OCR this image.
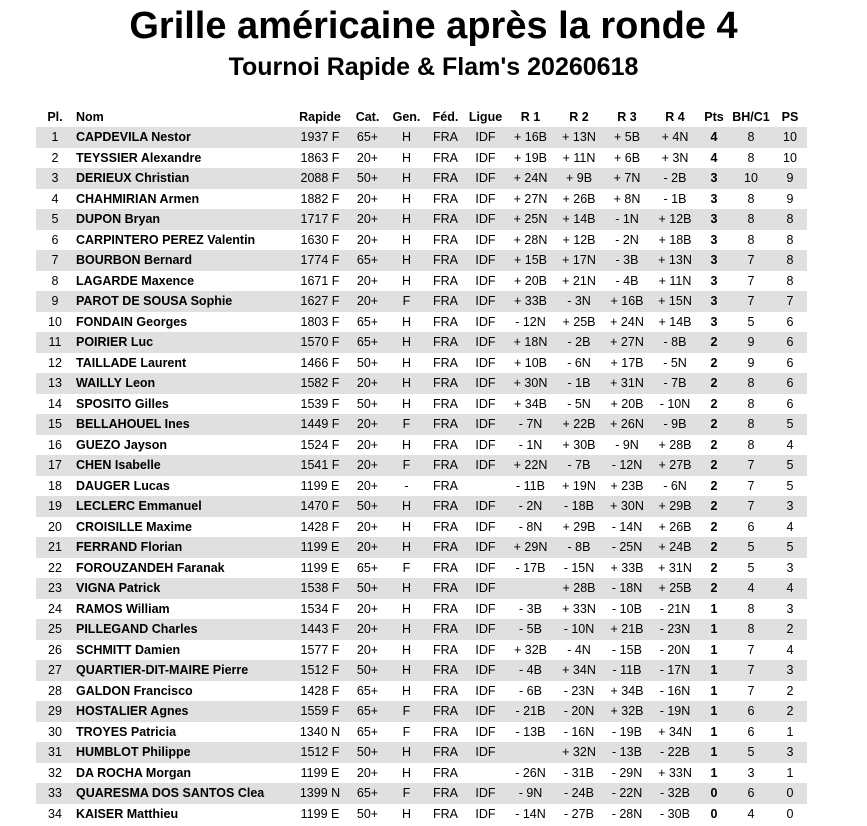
Grille américaine après la ronde 4
Tournoi Rapide & Flam's 20260618
Pl.	Nom	Rapide	Cat.	Gen.	Féd.	Ligue	R 1	R 2	R 3	R 4	Pts	BH/C1	PS
1	CAPDEVILA Nestor	1937 F	65+	H	FRA	IDF	+ 16B	+ 13N	+ 5B	+ 4N	4	8	10
2	TEYSSIER Alexandre	1863 F	20+	H	FRA	IDF	+ 19B	+ 11N	+ 6B	+ 3N	4	8	10
3	DERIEUX Christian	2088 F	50+	H	FRA	IDF	+ 24N	+ 9B	+ 7N	- 2B	3	10	9
4	CHAHMIRIAN Armen	1882 F	20+	H	FRA	IDF	+ 27N	+ 26B	+ 8N	- 1B	3	8	9
5	DUPON Bryan	1717 F	20+	H	FRA	IDF	+ 25N	+ 14B	- 1N	+ 12B	3	8	8
6	CARPINTERO PEREZ Valentin	1630 F	20+	H	FRA	IDF	+ 28N	+ 12B	- 2N	+ 18B	3	8	8
7	BOURBON Bernard	1774 F	65+	H	FRA	IDF	+ 15B	+ 17N	- 3B	+ 13N	3	7	8
8	LAGARDE Maxence	1671 F	20+	H	FRA	IDF	+ 20B	+ 21N	- 4B	+ 11N	3	7	8
9	PAROT DE SOUSA Sophie	1627 F	20+	F	FRA	IDF	+ 33B	- 3N	+ 16B	+ 15N	3	7	7
10	FONDAIN Georges	1803 F	65+	H	FRA	IDF	- 12N	+ 25B	+ 24N	+ 14B	3	5	6
11	POIRIER Luc	1570 F	65+	H	FRA	IDF	+ 18N	- 2B	+ 27N	- 8B	2	9	6
12	TAILLADE Laurent	1466 F	50+	H	FRA	IDF	+ 10B	- 6N	+ 17B	- 5N	2	9	6
13	WAILLY Leon	1582 F	20+	H	FRA	IDF	+ 30N	- 1B	+ 31N	- 7B	2	8	6
14	SPOSITO Gilles	1539 F	50+	H	FRA	IDF	+ 34B	- 5N	+ 20B	- 10N	2	8	6
15	BELLAHOUEL Ines	1449 F	20+	F	FRA	IDF	- 7N	+ 22B	+ 26N	- 9B	2	8	5
16	GUEZO Jayson	1524 F	20+	H	FRA	IDF	- 1N	+ 30B	- 9N	+ 28B	2	8	4
17	CHEN Isabelle	1541 F	20+	F	FRA	IDF	+ 22N	- 7B	- 12N	+ 27B	2	7	5
18	DAUGER Lucas	1199 E	20+	-	FRA		- 11B	+ 19N	+ 23B	- 6N	2	7	5
19	LECLERC Emmanuel	1470 F	50+	H	FRA	IDF	- 2N	- 18B	+ 30N	+ 29B	2	7	3
20	CROISILLE Maxime	1428 F	20+	H	FRA	IDF	- 8N	+ 29B	- 14N	+ 26B	2	6	4
21	FERRAND Florian	1199 E	20+	H	FRA	IDF	+ 29N	- 8B	- 25N	+ 24B	2	5	5
22	FOROUZANDEH Faranak	1199 E	65+	F	FRA	IDF	- 17B	- 15N	+ 33B	+ 31N	2	5	3
23	VIGNA Patrick	1538 F	50+	H	FRA	IDF		+ 28B	- 18N	+ 25B	2	4	4
24	RAMOS William	1534 F	20+	H	FRA	IDF	- 3B	+ 33N	- 10B	- 21N	1	8	3
25	PILLEGAND Charles	1443 F	20+	H	FRA	IDF	- 5B	- 10N	+ 21B	- 23N	1	8	2
26	SCHMITT Damien	1577 F	20+	H	FRA	IDF	+ 32B	- 4N	- 15B	- 20N	1	7	4
27	QUARTIER-DIT-MAIRE Pierre	1512 F	50+	H	FRA	IDF	- 4B	+ 34N	- 11B	- 17N	1	7	3
28	GALDON Francisco	1428 F	65+	H	FRA	IDF	- 6B	- 23N	+ 34B	- 16N	1	7	2
29	HOSTALIER Agnes	1559 F	65+	F	FRA	IDF	- 21B	- 20N	+ 32B	- 19N	1	6	2
30	TROYES Patricia	1340 N	65+	F	FRA	IDF	- 13B	- 16N	- 19B	+ 34N	1	6	1
31	HUMBLOT Philippe	1512 F	50+	H	FRA	IDF		+ 32N	- 13B	- 22B	1	5	3
32	DA ROCHA Morgan	1199 E	20+	H	FRA		- 26N	- 31B	- 29N	+ 33N	1	3	1
33	QUARESMA DOS SANTOS Clea	1399 N	65+	F	FRA	IDF	- 9N	- 24B	- 22N	- 32B	0	6	0
34	KAISER Matthieu	1199 E	50+	H	FRA	IDF	- 14N	- 27B	- 28N	- 30B	0	4	0
